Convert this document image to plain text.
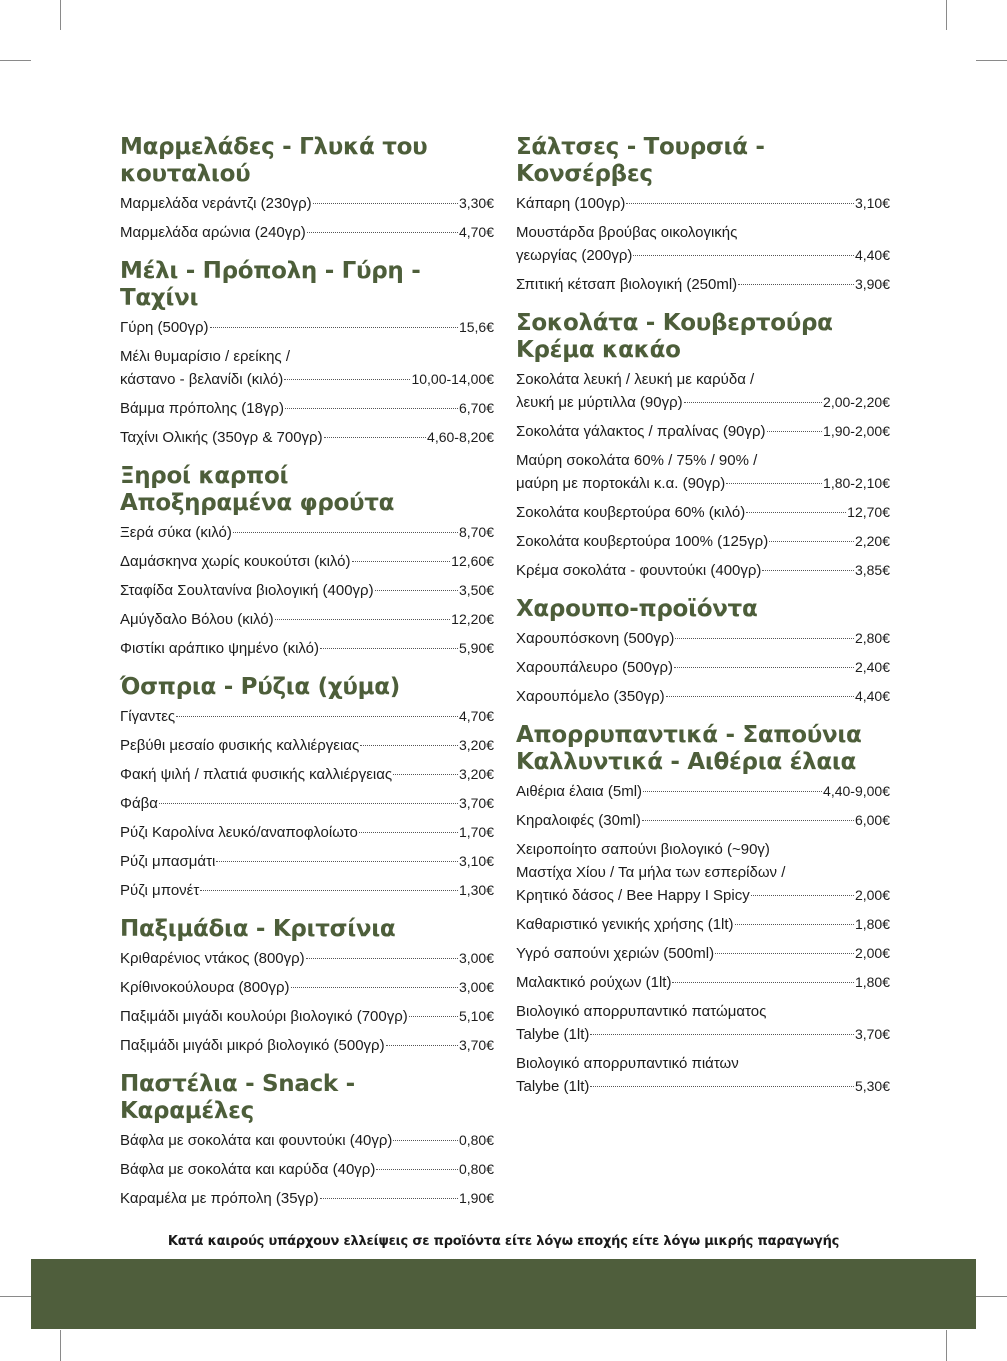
Μαρμελάδες - Γλυκά του κουταλιού
Μαρμελάδα νεράντζι (230γρ)	3,30€
Μαρμελάδα αρώνια (240γρ)	4,70€
Μέλι - Πρόπολη - Γύρη - Ταχίνι
Γύρη (500γρ)	15,6€
Μέλι θυμαρίσιο / ερείκης /
κάστανο - βελανίδι (κιλό)	10,00-14,00€
Βάμμα πρόπολης (18γρ)	6,70€
Ταχίνι Ολικής (350γρ & 700γρ)	4,60-8,20€
Ξηροί καρποί
Αποξηραμένα φρούτα
Ξερά σύκα (κιλό)	8,70€
Δαμάσκηνα χωρίς κουκούτσι (κιλό)	12,60€
Σταφίδα Σουλτανίνα βιολογική (400γρ)	3,50€
Αμύγδαλο Βόλου (κιλό)	12,20€
Φιστίκι αράπικο ψημένο (κιλό)	5,90€
Όσπρια - Ρύζια (χύμα)
Γίγαντες	4,70€
Ρεβύθι μεσαίο φυσικής καλλιέργειας	3,20€
Φακή ψιλή / πλατιά φυσικής καλλιέργειας	3,20€
Φάβα	3,70€
Ρύζι Καρολίνα λευκό/αναποφλοίωτο	1,70€
Ρύζι μπασμάτι	3,10€
Ρύζι μπονέτ	1,30€
Παξιμάδια - Κριτσίνια
Κριθαρένιος ντάκος (800γρ)	3,00€
Κρίθινοκούλουρα (800γρ)	3,00€
Παξιμάδι μιγάδι κουλούρι βιολογικό (700γρ)	5,10€
Παξιμάδι μιγάδι μικρό βιολογικό (500γρ)	3,70€
Παστέλια - Snack - Καραμέλες
Βάφλα με σοκολάτα και φουντούκι (40γρ)	0,80€
Βάφλα με σοκολάτα και καρύδα (40γρ)	0,80€
Καραμέλα με πρόπολη (35γρ)	1,90€
Σάλτσες - Τουρσιά - Κονσέρβες
Κάπαρη (100γρ)	3,10€
Μουστάρδα βρούβας οικολογικής
γεωργίας (200γρ)	4,40€
Σπιτική κέτσαπ βιολογική (250ml)	3,90€
Σοκολάτα - Κουβερτούρα
Κρέμα κακάο
Σοκολάτα λευκή / λευκή με καρύδα /
λευκή με μύρτιλλα (90γρ)	2,00-2,20€
Σοκολάτα γάλακτος / πραλίνας (90γρ)	1,90-2,00€
Μαύρη σοκολάτα 60% / 75% / 90% /
μαύρη με πορτοκάλι κ.α. (90γρ)	1,80-2,10€
Σοκολάτα κουβερτούρα 60% (κιλό)	12,70€
Σοκολάτα κουβερτούρα 100% (125γρ)	2,20€
Κρέμα σοκολάτα - φουντούκι (400γρ)	3,85€
Χαρουπο-προϊόντα
Χαρουπόσκονη (500γρ)	2,80€
Χαρουπάλευρο (500γρ)	2,40€
Χαρουπόμελο (350γρ)	4,40€
Απορρυπαντικά - Σαπούνια
Καλλυντικά - Αιθέρια έλαια
Αιθέρια έλαια (5ml)	4,40-9,00€
Κηραλοιφές (30ml)	6,00€
Χειροποίητο σαπούνι βιολογικό (~90γ)
Μαστίχα Χίου / Τα μήλα των εσπερίδων /
Κρητικό δάσος / Bee Happy I Spicy	2,00€
Καθαριστικό γενικής χρήσης (1lt)	1,80€
Υγρό σαπούνι χεριών (500ml)	2,00€
Μαλακτικό ρούχων (1lt)	1,80€
Βιολογικό απορρυπαντικό πατώματος
Talybe (1lt)	3,70€
Βιολογικό απορρυπαντικό πιάτων
Talybe (1lt)	5,30€
Κατά καιρούς υπάρχουν ελλείψεις σε προϊόντα είτε λόγω εποχής είτε λόγω μικρής παραγωγής
